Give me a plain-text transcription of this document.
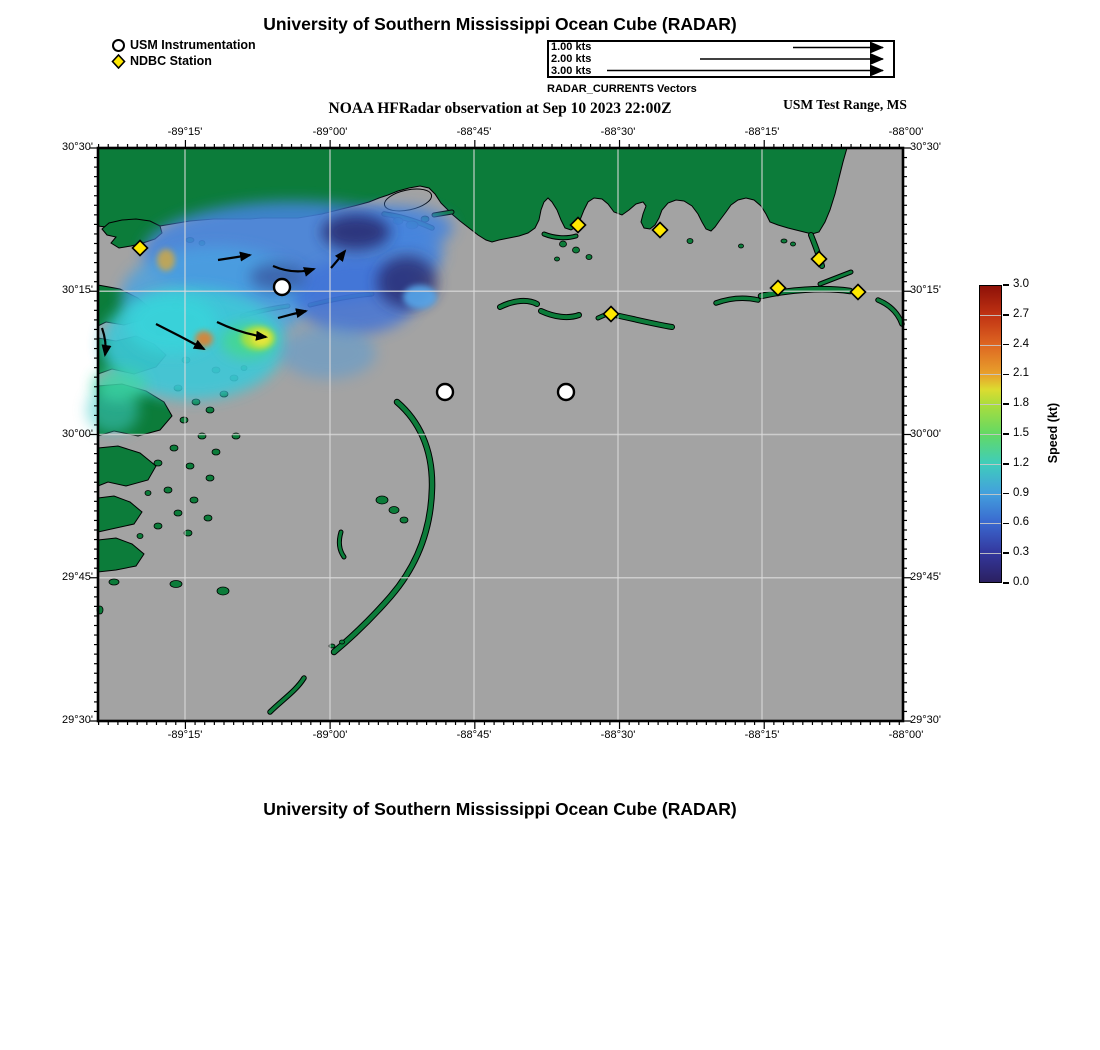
University of Southern Mississippi Ocean Cube (RADAR)
USM Instrumentation
NDBC Station
1.00 kts
2.00 kts
3.00 kts
RADAR_CURRENTS Vectors
NOAA HFRadar observation at Sep 10 2023 22:00Z	USM Test Range, MS
-89°15'
-89°15'
-89°00'
-89°00'
-88°45'
-88°45'
-88°30'
-88°30'
-88°15'
-88°15'
-88°00'
-88°00'
30°30'	30°30'
30°15'	30°15'
30°00'	30°00'
29°45'	29°45'
29°30'	29°30'
3.0
2.7
2.4
2.1
1.8
1.5
1.2
0.9
0.6
0.3
0.0
Speed (kt)
University of Southern Mississippi Ocean Cube (RADAR)
